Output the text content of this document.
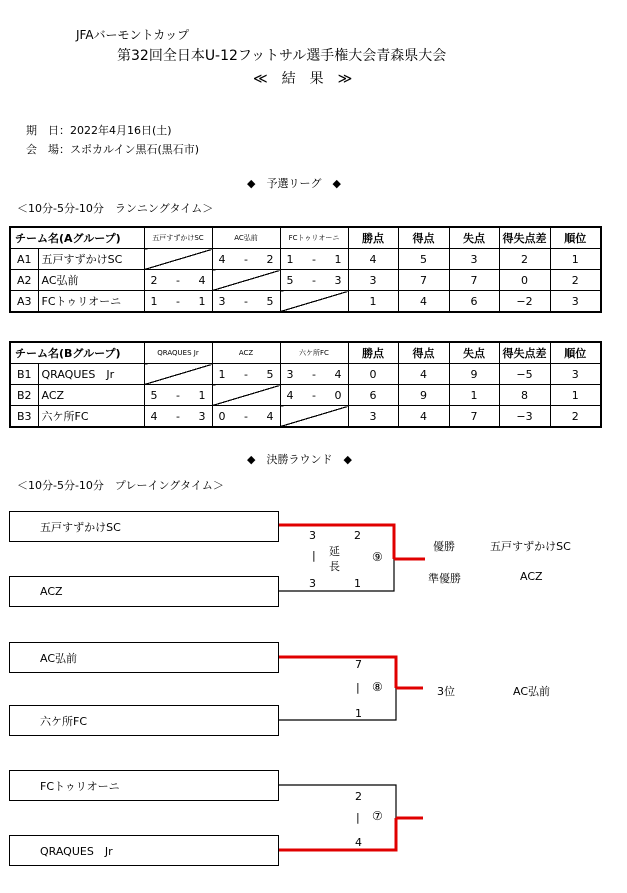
JFAバーモントカップ
第32回全日本U-12フットサル選手権大会青森県大会
≪　結　果　≫
期　日：2022年4月16日(土)
会　場：スポカルイン黒石(黒石市)
◆　予選リーグ　◆
＜10分-5分-10分　ランニングタイム＞
チーム名(Aグループ)		五戸すずかけSC	AC弘前	FCトゥリオーニ	勝点	得点	失点	得失点差	順位
A1	五戸すずかけSC		4 - 2	1 - 1	4	5	3	2	1
A2	AC弘前	2 - 4		5 - 3	3	7	7	0	2
A3	FCトゥリオーニ	1 - 1	3 - 5		1	4	6	−2	3
チーム名(Bグループ)		QRAQUES Jr	ACZ	六ケ所FC	勝点	得点	失点	得失点差	順位
B1	QRAQUES　Jr		1 - 5	3 - 4	0	4	9	−5	3
B2	ACZ	5 - 1		4 - 0	6	9	1	8	1
B3	六ケ所FC	4 - 3	0 - 4		3	4	7	−3	2
◆　決勝ラウンド　◆
＜10分-5分-10分　プレーイングタイム＞
五戸すずかけSC
ACZ
AC弘前
六ケ所FC
FCトゥリオーニ
QRAQUES　Jr
3	2
| 延
長
⑨
3	1
7
| ⑧
1
2
| ⑦
4
優勝	五戸すずかけSC
準優勝	ACZ
3位	AC弘前
